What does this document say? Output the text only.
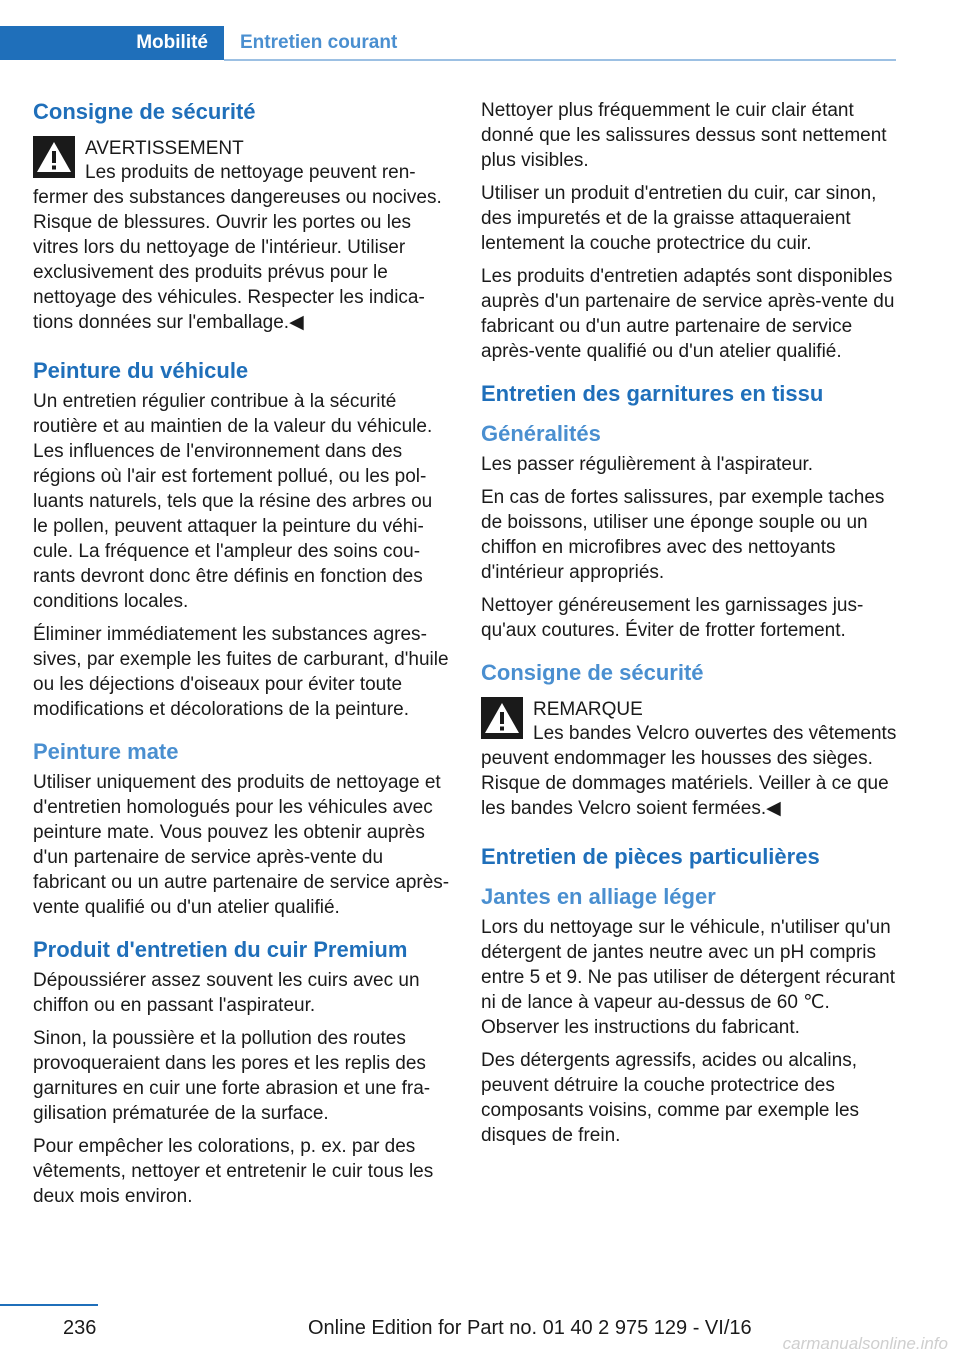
Mobilité	Entretien courant
Consigne de sécurité
AVERTISSEMENT

Les produits de nettoyage peuvent renfermer des substances dangereuses ou nocives. Risque de blessures. Ouvrir les portes ou les vitres lors du nettoyage de l'intérieur. Utiliser exclusivement des produits prévus pour le nettoyage des véhicules. Respecter les indications données sur l'emballage.◀

Peinture du véhicule

Un entretien régulier contribue à la sécurité routière et au maintien de la valeur du véhicule. Les influences de l'environnement dans des régions où l'air est fortement pollué, ou les polluants naturels, tels que la résine des arbres ou le pollen, peuvent attaquer la peinture du véhicule. La fréquence et l'ampleur des soins courants devront donc être définis en fonction des conditions locales.

Éliminer immédiatement les substances agressives, par exemple les fuites de carburant, d'huile ou les déjections d'oiseaux pour éviter toute modifications et décolorations de la peinture.

Peinture mate

Utiliser uniquement des produits de nettoyage et d'entretien homologués pour les véhicules avec peinture mate. Vous pouvez les obtenir auprès d'un partenaire de service après-vente du fabricant ou un autre partenaire de service après-vente qualifié ou d'un atelier qualifié.

Produit d'entretien du cuir Premium

Dépoussiérer assez souvent les cuirs avec un chiffon ou en passant l'aspirateur.

Sinon, la poussière et la pollution des routes provoqueraient dans les pores et les replis des garnitures en cuir une forte abrasion et une fragilisation prématurée de la surface.

Pour empêcher les colorations, p. ex. par des vêtements, nettoyer et entretenir le cuir tous les deux mois environ.

Nettoyer plus fréquemment le cuir clair étant donné que les salissures dessus sont nettement plus visibles.

Utiliser un produit d'entretien du cuir, car sinon, des impuretés et de la graisse attaqueraient lentement la couche protectrice du cuir.

Les produits d'entretien adaptés sont disponibles auprès d'un partenaire de service après-vente du fabricant ou d'un autre partenaire de service après-vente qualifié ou d'un atelier qualifié.

Entretien des garnitures en tissu
Généralités

Les passer régulièrement à l'aspirateur.

En cas de fortes salissures, par exemple taches de boissons, utiliser une éponge souple ou un chiffon en microfibres avec des nettoyants d'intérieur appropriés.

Nettoyer généreusement les garnissages jusqu'aux coutures. Éviter de frotter fortement.

Consigne de sécurité
REMARQUE

Les bandes Velcro ouvertes des vêtements peuvent endommager les housses des sièges. Risque de dommages matériels. Veiller à ce que les bandes Velcro soient fermées.◀

Entretien de pièces particulières
Jantes en alliage léger

Lors du nettoyage sur le véhicule, n'utiliser qu'un détergent de jantes neutre avec un pH compris entre 5 et 9. Ne pas utiliser de détergent récurant ni de lance à vapeur au-dessus de 60 ℃. Observer les instructions du fabricant.

Des détergents agressifs, acides ou alcalins, peuvent détruire la couche protectrice des composants voisins, comme par exemple les disques de frein.

236	Online Edition for Part no. 01 40 2 975 129 - VI/16
carmanualsonline.info
